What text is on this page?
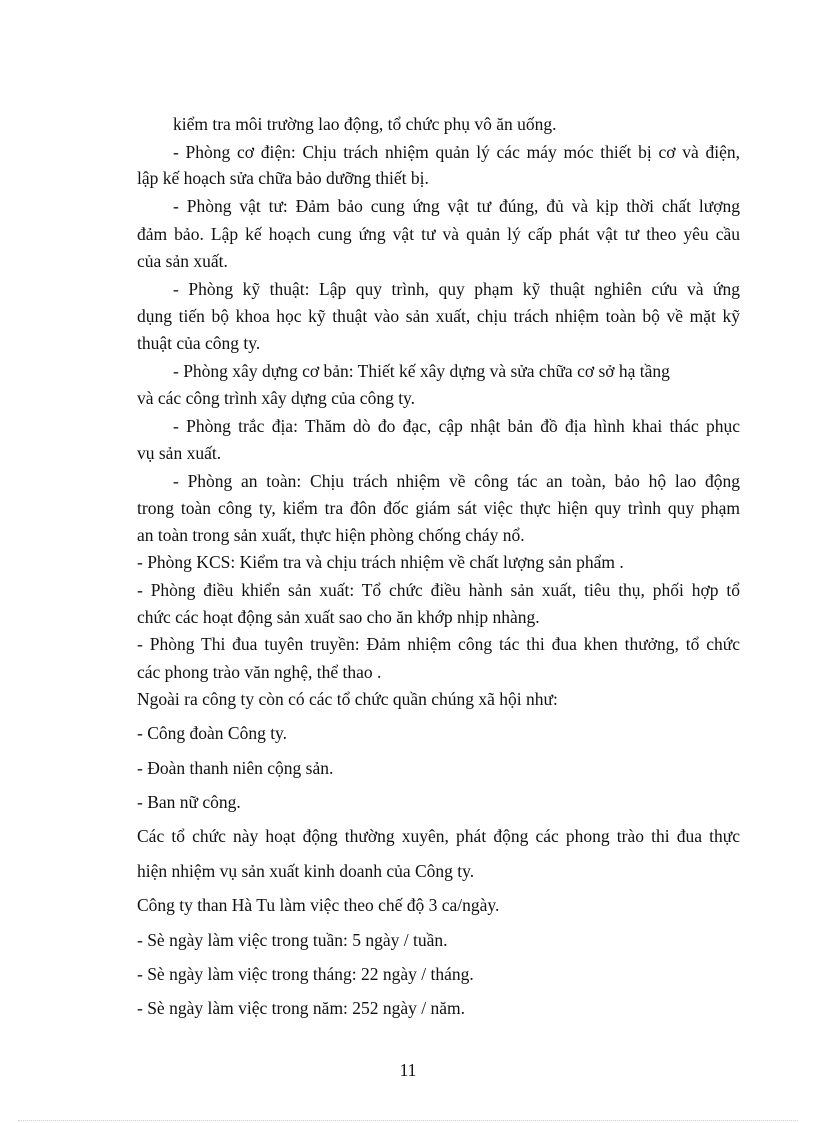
kiểm tra môi trường lao động, tổ chức phụ vô ăn uống.
- Phòng cơ điện: Chịu trách nhiệm quản lý các máy móc thiết bị cơ và điện,
lập kế hoạch sửa chữa bảo dưỡng thiết bị.
- Phòng vật tư: Đảm bảo cung ứng vật tư đúng, đủ và kịp thời chất lượng
đảm bảo. Lập kế hoạch cung ứng vật tư và quản lý cấp phát vật tư theo yêu cầu
của sản xuất.
- Phòng kỹ thuật: Lập quy trình, quy phạm kỹ thuật nghiên cứu và ứng
dụng tiến bộ khoa học kỹ thuật vào sản xuất, chịu trách nhiệm toàn bộ về mặt kỹ
thuật của công ty.
- Phòng xây dựng cơ bản: Thiết kế xây dựng và sửa chữa cơ sở hạ tầng
và các công trình xây dựng của công ty.
- Phòng trắc địa: Thăm dò đo đạc, cập nhật bản đồ địa hình khai thác phục
vụ sản xuất.
- Phòng an toàn: Chịu trách nhiệm về công tác an toàn, bảo hộ lao động
trong toàn công ty, kiểm tra đôn đốc giám sát việc thực hiện quy trình quy phạm
an toàn trong sản xuất, thực hiện phòng chống cháy nổ.
- Phòng KCS: Kiểm tra và chịu trách nhiệm về chất lượng sản phẩm .
- Phòng điều khiển sản xuất: Tổ chức điều hành sản xuất, tiêu thụ, phối hợp tổ
chức các hoạt động sản xuất sao cho ăn khớp nhịp nhàng.
- Phòng Thi đua tuyên truyền: Đảm nhiệm công tác thi đua khen thưởng, tổ chức
các phong trào văn nghệ, thể thao .
Ngoài ra công ty còn có các tổ chức quần chúng xã hội như:
- Công đoàn Công ty.
- Đoàn thanh niên cộng sản.
- Ban nữ công.
Các tổ chức này hoạt động thường xuyên, phát động các phong trào thi đua thực
hiện nhiệm vụ sản xuất kinh doanh của Công ty.
Công ty than Hà Tu làm việc theo chế độ 3 ca/ngày.
- Sè ngày làm việc trong tuần: 5 ngày / tuần.
- Sè ngày làm việc trong tháng: 22 ngày / tháng.
- Sè ngày làm việc trong năm: 252 ngày / năm.
11
